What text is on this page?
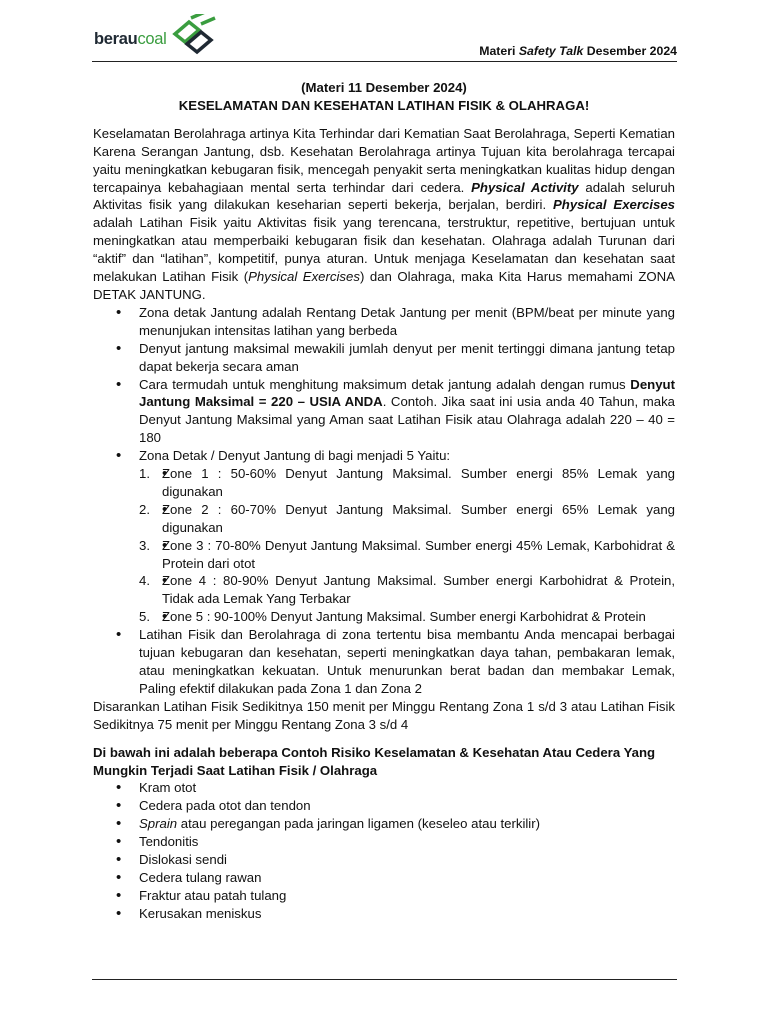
beraucoal
Materi Safety Talk Desember 2024
(Materi 11 Desember 2024)
KESELAMATAN DAN KESEHATAN LATIHAN FISIK & OLAHRAGA!
Keselamatan Berolahraga artinya Kita Terhindar dari Kematian Saat Berolahraga, Seperti Kematian Karena Serangan Jantung, dsb. Kesehatan Berolahraga artinya Tujuan kita berolahraga tercapai yaitu meningkatkan kebugaran fisik, mencegah penyakit serta meningkatkan kualitas hidup dengan tercapainya kebahagiaan mental serta terhindar dari cedera. Physical Activity adalah seluruh Aktivitas fisik yang dilakukan keseharian seperti bekerja, berjalan, berdiri. Physical Exercises adalah Latihan Fisik yaitu Aktivitas fisik yang terencana, terstruktur, repetitive, bertujuan untuk meningkatkan atau memperbaiki kebugaran fisik dan kesehatan. Olahraga adalah Turunan dari “aktif” dan “latihan”, kompetitif, punya aturan. Untuk menjaga Keselamatan dan kesehatan saat melakukan Latihan Fisik (Physical Exercises) dan Olahraga, maka Kita Harus memahami ZONA DETAK JANTUNG.
• Zona detak Jantung adalah Rentang Detak Jantung per menit (BPM/beat per minute yang menunjukan intensitas latihan yang berbeda
• Denyut jantung maksimal mewakili jumlah denyut per menit tertinggi dimana jantung tetap dapat bekerja secara aman
• Cara termudah untuk menghitung maksimum detak jantung adalah dengan rumus Denyut Jantung Maksimal = 220 – USIA ANDA. Contoh. Jika saat ini usia anda 40 Tahun, maka Denyut Jantung Maksimal yang Aman saat Latihan Fisik atau Olahraga adalah 220 – 40 = 180
• Zona Detak / Denyut Jantung di bagi menjadi 5 Yaitu:
• 1. Zone 1 : 50-60% Denyut Jantung Maksimal. Sumber energi 85% Lemak yang digunakan
• 2. Zone 2 : 60-70% Denyut Jantung Maksimal. Sumber energi 65% Lemak yang digunakan
• 3. Zone 3 : 70-80% Denyut Jantung Maksimal. Sumber energi 45% Lemak, Karbohidrat & Protein dari otot
• 4. Zone 4 : 80-90% Denyut Jantung Maksimal. Sumber energi Karbohidrat & Protein, Tidak ada Lemak Yang Terbakar
• 5. Zone 5 : 90-100% Denyut Jantung Maksimal. Sumber energi Karbohidrat & Protein
• Latihan Fisik dan Berolahraga di zona tertentu bisa membantu Anda mencapai berbagai tujuan kebugaran dan kesehatan, seperti meningkatkan daya tahan, pembakaran lemak, atau meningkatkan kekuatan. Untuk menurunkan berat badan dan membakar Lemak, Paling efektif dilakukan pada Zona 1 dan Zona 2
Disarankan Latihan Fisik Sedikitnya 150 menit per Minggu Rentang Zona 1 s/d 3 atau Latihan Fisik Sedikitnya 75 menit per Minggu Rentang Zona 3 s/d 4
Di bawah ini adalah beberapa Contoh Risiko Keselamatan & Kesehatan Atau Cedera Yang Mungkin Terjadi Saat Latihan Fisik / Olahraga
• Kram otot
• Cedera pada otot dan tendon
• Sprain atau peregangan pada jaringan ligamen (keseleo atau terkilir)
• Tendonitis
• Dislokasi sendi
• Cedera tulang rawan
• Fraktur atau patah tulang
• Kerusakan meniskus
